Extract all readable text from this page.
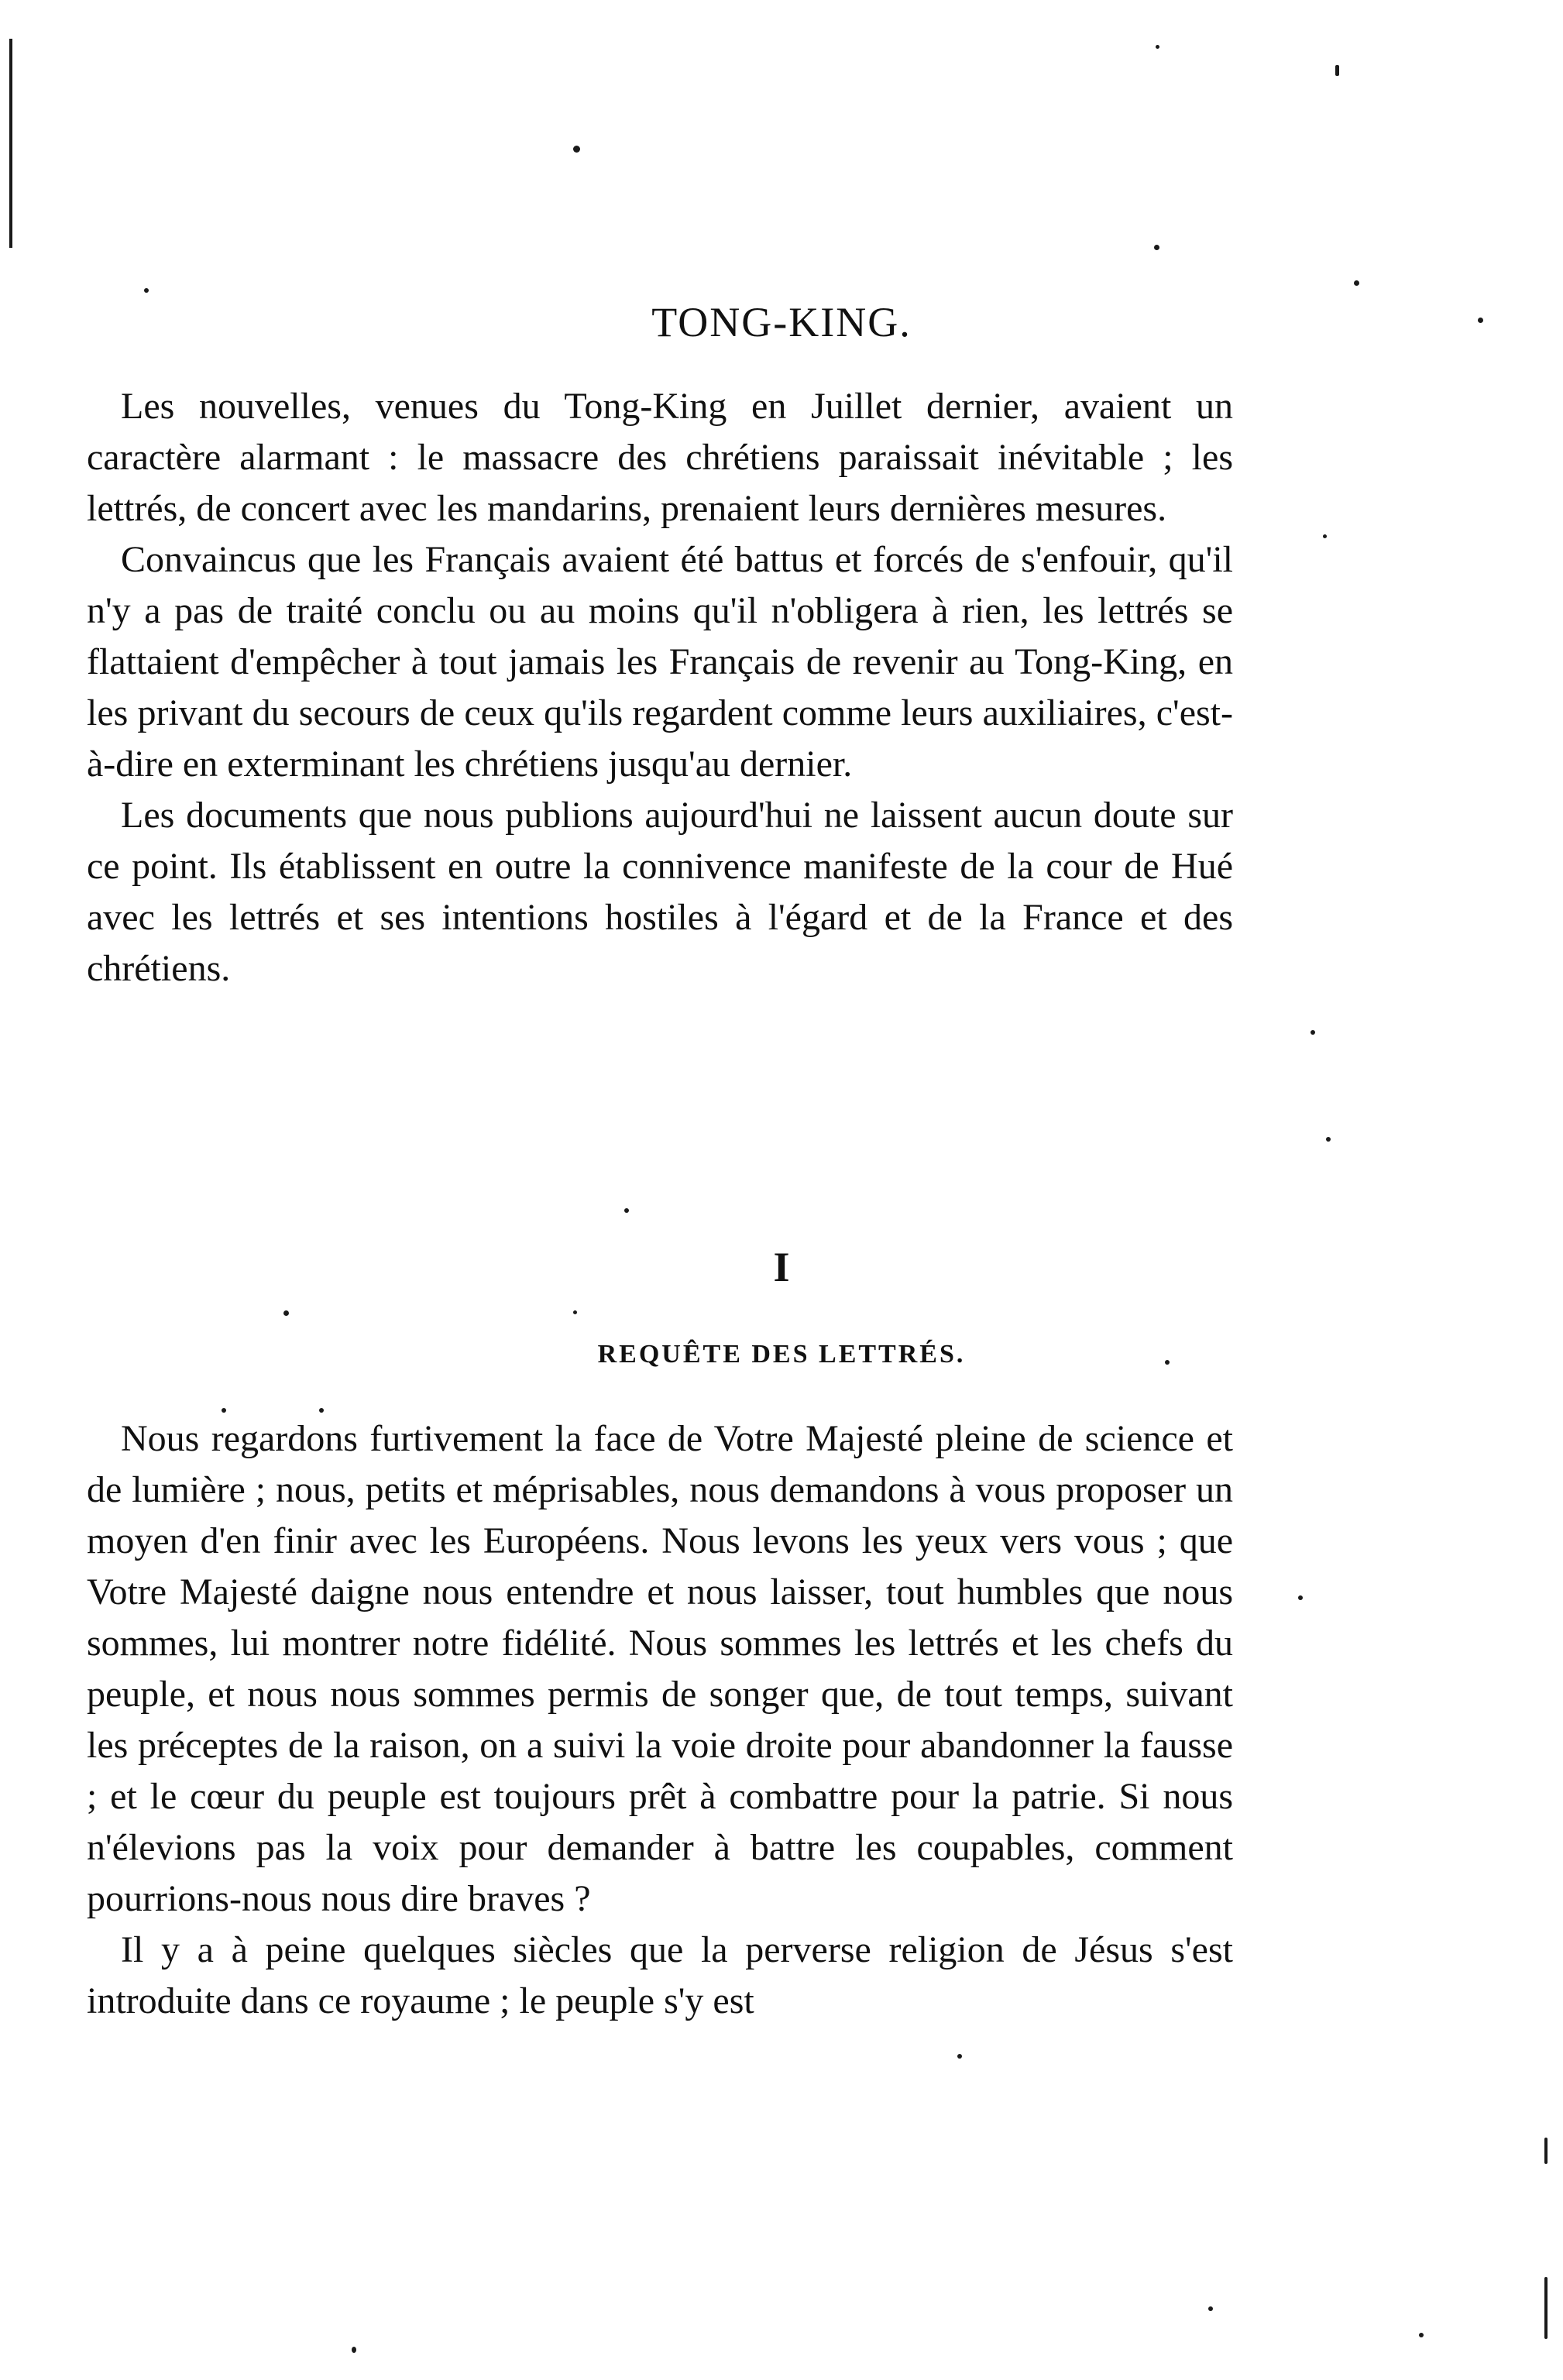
TONG-KING.

Les nouvelles, venues du Tong-King en Juillet dernier, avaient un caractère alarmant : le massacre des chrétiens paraissait inévitable ; les lettrés, de concert avec les mandarins, prenaient leurs dernières mesures.

Convaincus que les Français avaient été battus et forcés de s'enfouir, qu'il n'y a pas de traité conclu ou au moins qu'il n'obligera à rien, les lettrés se flattaient d'empêcher à tout jamais les Français de revenir au Tong-King, en les privant du secours de ceux qu'ils regardent comme leurs auxiliaires, c'est-à-dire en exterminant les chrétiens jusqu'au dernier.

Les documents que nous publions aujourd'hui ne laissent aucun doute sur ce point. Ils établissent en outre la connivence manifeste de la cour de Hué avec les lettrés et ses intentions hostiles à l'égard et de la France et des chrétiens.

I
REQUÊTE DES LETTRÉS.

Nous regardons furtivement la face de Votre Majesté pleine de science et de lumière ; nous, petits et méprisables, nous demandons à vous proposer un moyen d'en finir avec les Européens. Nous levons les yeux vers vous ; que Votre Majesté daigne nous entendre et nous laisser, tout humbles que nous sommes, lui montrer notre fidélité. Nous sommes les lettrés et les chefs du peuple, et nous nous sommes permis de songer que, de tout temps, suivant les préceptes de la raison, on a suivi la voie droite pour abandonner la fausse ; et le cœur du peuple est toujours prêt à combattre pour la patrie. Si nous n'élevions pas la voix pour demander à battre les coupables, comment pourrions-nous nous dire braves ?

Il y a à peine quelques siècles que la perverse religion de Jésus s'est introduite dans ce royaume ; le peuple s'y est
